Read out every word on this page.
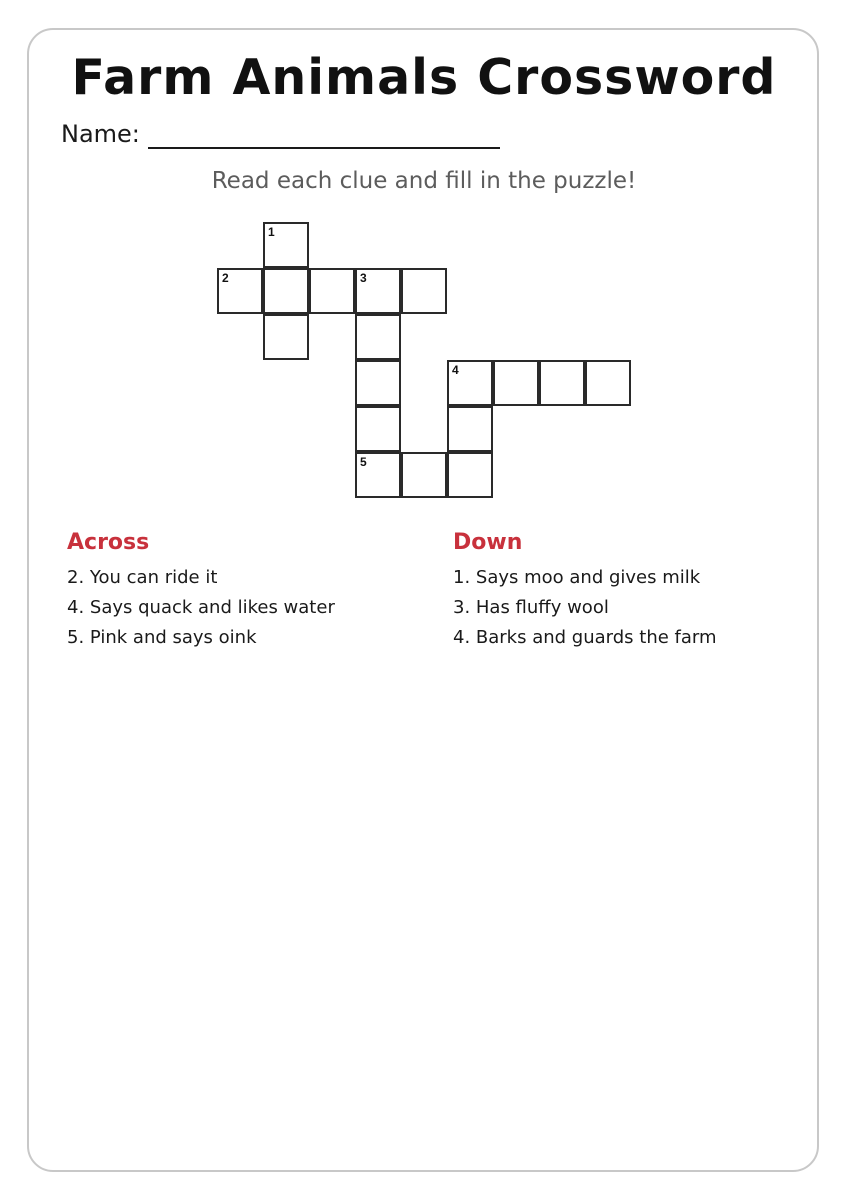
Farm Animals Crossword
Name:
Read each clue and fill in the puzzle!
1
2	3
4
5
Across
2. You can ride it
4. Says quack and likes water
5. Pink and says oink
Down
1. Says moo and gives milk
3. Has fluffy wool
4. Barks and guards the farm
